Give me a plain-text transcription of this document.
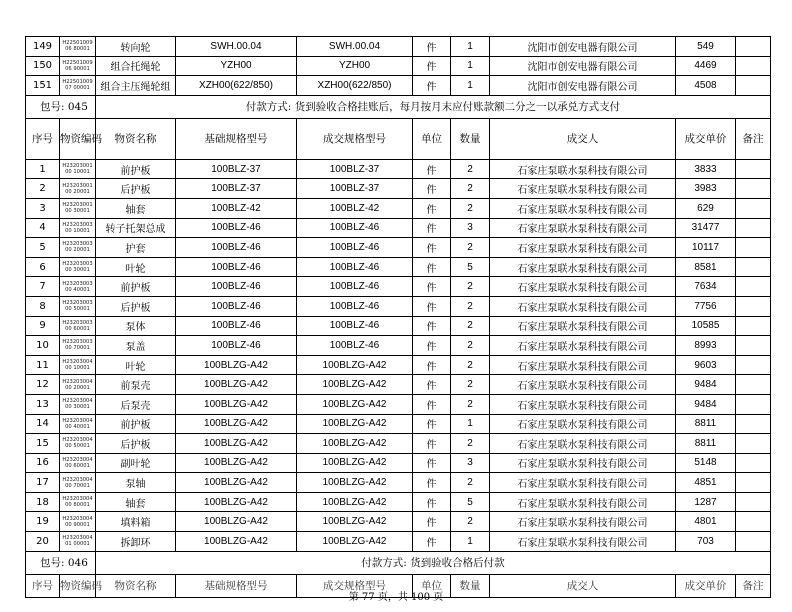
149	H2250100906 80001	转向轮	SWH.00.04	SWH.00.04	件	1	沈阳市创安电器有限公司	549	
150	H2250100906 90001	组合托绳轮	YZH00	YZH00	件	1	沈阳市创安电器有限公司	4469	
151	H2250100907 00001	组合主压绳轮组	XZH00(622/850)	XZH00(622/850)	件	1	沈阳市创安电器有限公司	4508	
包号: 045		付款方式: 货到验收合格挂账后，每月按月末应付账款额二分之一以承兑方式支付							
序号	物资编码	物资名称	基础规格型号	成交规格型号	单位	数量	成交人	成交单价	备注
1	H2320300100 10001	前护板	100BLZ-37	100BLZ-37	件	2	石家庄泵联水泵科技有限公司	3833	
2	H2320300100 20001	后护板	100BLZ-37	100BLZ-37	件	2	石家庄泵联水泵科技有限公司	3983	
3	H2320300100 30001	轴套	100BLZ-42	100BLZ-42	件	2	石家庄泵联水泵科技有限公司	629	
4	H2320300300 10001	转子托架总成	100BLZ-46	100BLZ-46	件	3	石家庄泵联水泵科技有限公司	31477	
5	H2320300300 20001	护套	100BLZ-46	100BLZ-46	件	2	石家庄泵联水泵科技有限公司	10117	
6	H2320300300 30001	叶轮	100BLZ-46	100BLZ-46	件	5	石家庄泵联水泵科技有限公司	8581	
7	H2320300300 40001	前护板	100BLZ-46	100BLZ-46	件	2	石家庄泵联水泵科技有限公司	7634	
8	H2320300300 50001	后护板	100BLZ-46	100BLZ-46	件	2	石家庄泵联水泵科技有限公司	7756	
9	H2320300300 60001	泵体	100BLZ-46	100BLZ-46	件	2	石家庄泵联水泵科技有限公司	10585	
10	H2320300300 70001	泵盖	100BLZ-46	100BLZ-46	件	2	石家庄泵联水泵科技有限公司	8993	
11	H2320300400 10001	叶轮	100BLZG-A42	100BLZG-A42	件	2	石家庄泵联水泵科技有限公司	9603	
12	H2320300400 20001	前泵壳	100BLZG-A42	100BLZG-A42	件	2	石家庄泵联水泵科技有限公司	9484	
13	H2320300400 30001	后泵壳	100BLZG-A42	100BLZG-A42	件	2	石家庄泵联水泵科技有限公司	9484	
14	H2320300400 40001	前护板	100BLZG-A42	100BLZG-A42	件	1	石家庄泵联水泵科技有限公司	8811	
15	H2320300400 50001	后护板	100BLZG-A42	100BLZG-A42	件	2	石家庄泵联水泵科技有限公司	8811	
16	H2320300400 60001	副叶轮	100BLZG-A42	100BLZG-A42	件	3	石家庄泵联水泵科技有限公司	5148	
17	H2320300400 70001	泵轴	100BLZG-A42	100BLZG-A42	件	2	石家庄泵联水泵科技有限公司	4851	
18	H2320300400 80001	轴套	100BLZG-A42	100BLZG-A42	件	5	石家庄泵联水泵科技有限公司	1287	
19	H2320300400 90001	填料箱	100BLZG-A42	100BLZG-A42	件	2	石家庄泵联水泵科技有限公司	4801	
20	H2320300401 00001	拆卸环	100BLZG-A42	100BLZG-A42	件	1	石家庄泵联水泵科技有限公司	703	
包号: 046		付款方式: 货到验收合格后付款							
序号	物资编码	物资名称	基础规格型号	成交规格型号	单位	数量	成交人	成交单价	备注
第 77 页，共 100 页
